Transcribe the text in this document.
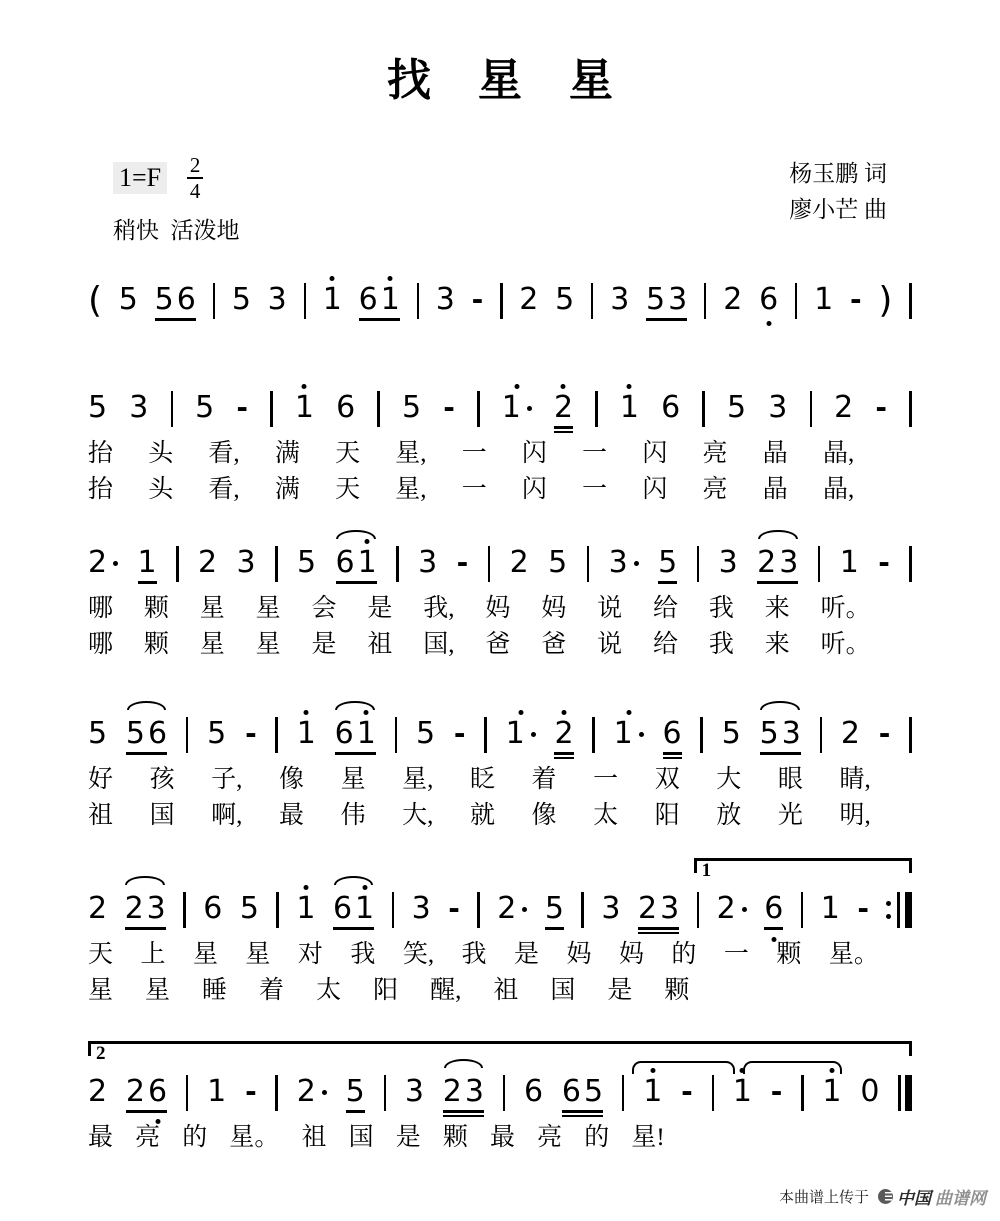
找 星 星
$1=F \frac{2}{4}$
稍快  活泼地
杨玉鹏 词
廖小芒 曲
( 5 5 6 5 3 1 6 1 3 - 2 5 3 5 3 2 6 1 - )
5 3 5 - 1 6 5 - 1	2 1 6 5 3 2 -
抬 头 看, 满 天 星, 一 闪 一 闪 亮 晶 晶,
抬 头 看, 满 天 星, 一 闪 一 闪 亮 晶 晶,
2	1 2 3 5 6 1 3 - 2 5 3	5 3 2 3 1 -
哪 颗 星 星 会 是 我, 妈 妈 说 给 我 来 听。
哪 颗 星 星 是 祖 国, 爸 爸 说 给 我 来 听。
5 5 6 5 - 1 6 1 5 - 1 2 1 6 5 5 3 2 -
好 孩 子, 像 星 星, 眨 着 一 双 大 眼 睛,
祖 国 啊, 最 伟 大, 就 像 太 阳 放 光 明,
1
2 2 3 6 5 1 6 1 3 - 2 5 3 2 3 2 6 1 -
天 上 星 星 对 我 笑, 我 是 妈 妈 的 一 颗 星。
星 星 睡 着 太 阳 醒, 祖 国 是 颗
2
2 2 6 1 - 2 5 3 2 3 6 6 5 1 - 1 - 1 0
最 亮 的 星。 祖 国 是 颗 最 亮 的 星!
本曲谱上传于 中国 曲谱网
